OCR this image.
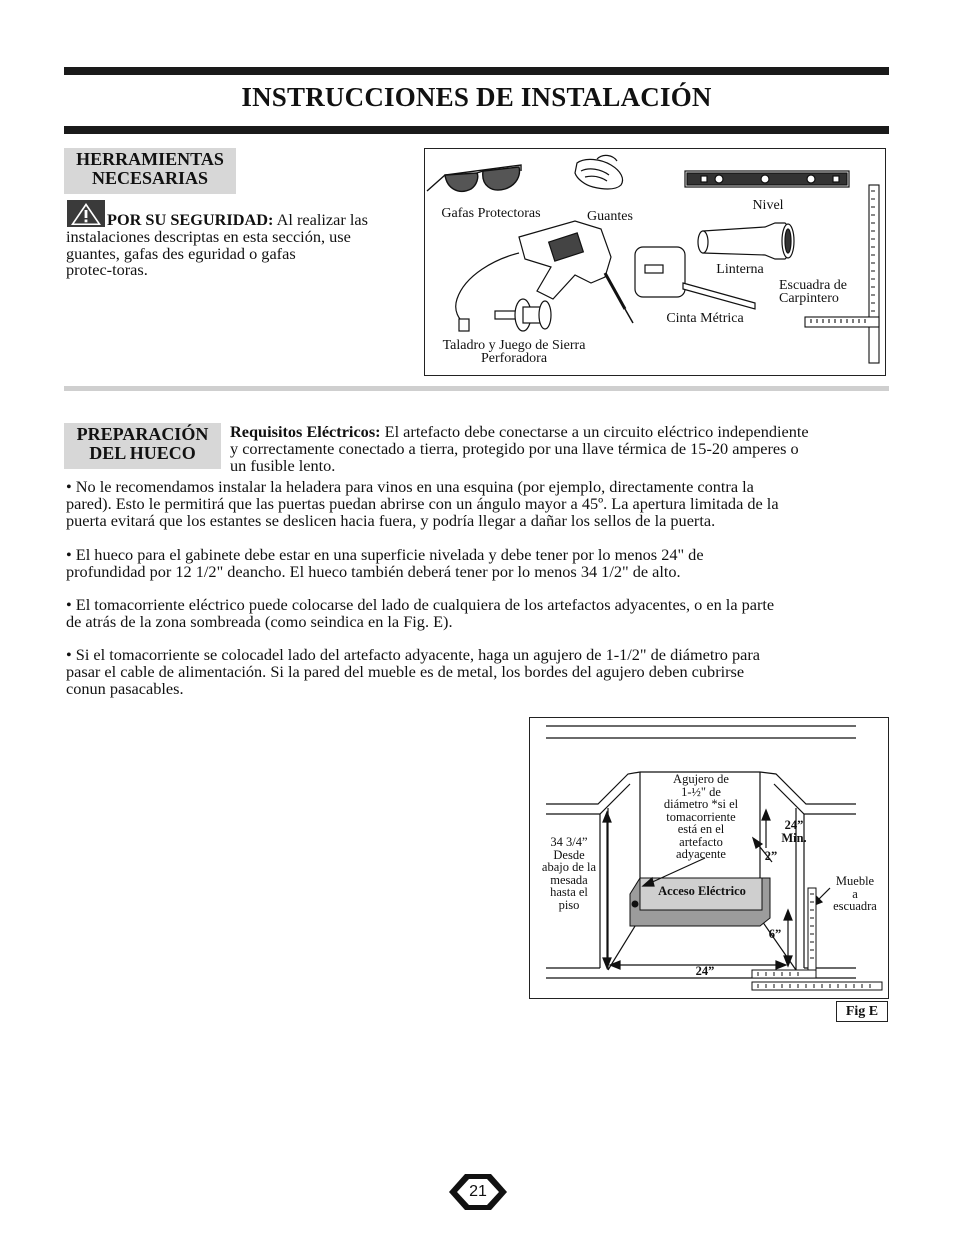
INSTRUCCIONES DE INSTALACIÓN
HERRAMIENTAS
NECESARIAS
POR SU SEGURIDAD: Al realizar las
instalaciones descriptas en esta sección, use
guantes, gafas des eguridad o gafas
protec-toras.
Gafas Protectoras	Guantes
Nivel
Linterna
Escuadra de
Carpintero
Cinta Métrica
Taladro y Juego de Sierra
Perforadora
PREPARACIÓN
DEL HUECO
Requisitos Eléctricos: El artefacto debe conectarse a un circuito eléctrico independiente
y correctamente conectado a tierra, protegido por una llave térmica de 15-20 amperes o
un fusible lento.
• No le recomendamos instalar la heladera para vinos en una esquina (por ejemplo, directamente contra la
pared). Esto le permitirá que las puertas puedan abrirse con un ángulo mayor a 45º. La apertura limitada de la
puerta evitará que los estantes se deslicen hacia fuera, y podría llegar a dañar los sellos de la puerta.
• El hueco para el gabinete debe estar en una superficie nivelada y debe tener por lo menos 24" de
profundidad por 12 1/2" deancho. El hueco también deberá tener por lo menos 34 1/2" de alto.
• El tomacorriente eléctrico puede colocarse del lado de cualquiera de los artefactos adyacentes, o en la parte
de atrás de la zona sombreada (como seindica en la Fig. E).
• Si el tomacorriente se colocadel lado del artefacto adyacente, haga un agujero de 1-1/2" de diámetro para
pasar el cable de alimentación. Si la pared del mueble es de metal, los bordes del agujero deben cubrirse
conun pasacables.
34 3/4”
Desde
abajo de la
mesada
hasta el
piso
Agujero de
1-½" de
diámetro *si el
tomacorriente
está en el
artefacto
adyacente
24”
Min.
2”
Acceso Eléctrico
Mueble
a
escuadra
6”
24”
Fig E
21
